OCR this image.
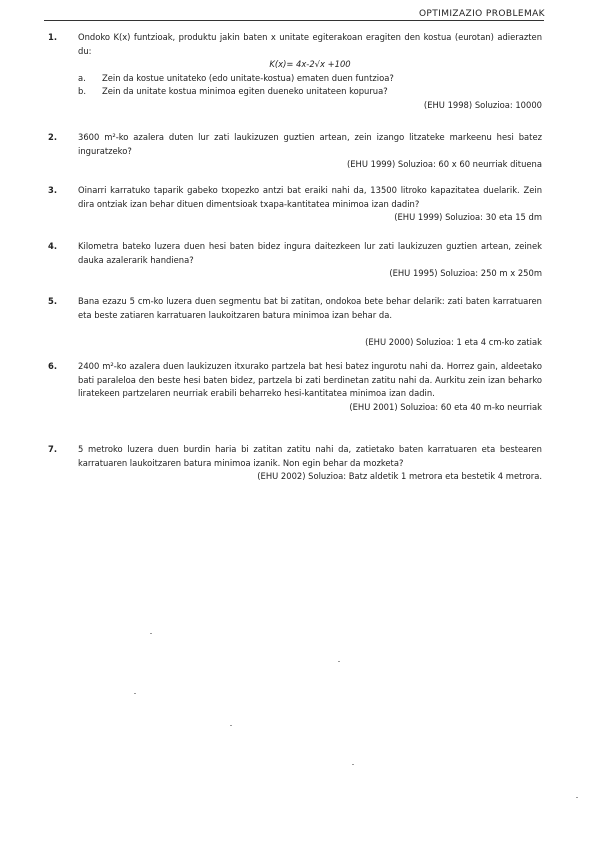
OPTIMIZAZIO PROBLEMAK
1. Ondoko K(x) funtzioak, produktu jakin baten x unitate egiterakoan eragiten den kostua (eurotan) adierazten du:

K(x)= 4x-2√x +100

a.	Zein da kostue unitateko (edo unitate-kostua) ematen duen funtzioa?
b.	Zein da unitate kostua minimoa egiten dueneko unitateen kopurua?

(EHU 1998) Soluzioa: 10000

2. 3600 m²-ko azalera duten lur zati laukizuzen guztien artean, zein izango litzateke markeenu hesi batez inguratzeko?

(EHU 1999) Soluzioa: 60 x 60 neurriak dituena

3. Oinarri karratuko taparik gabeko txopezko antzi bat eraiki nahi da, 13500 litroko kapazitatea duelarik. Zein dira ontziak izan behar dituen dimentsioak txapa-kantitatea minimoa izan dadin?

(EHU 1999) Soluzioa: 30 eta 15 dm

4. Kilometra bateko luzera duen hesi baten bidez ingura daitezkeen lur zati laukizuzen guztien artean, zeinek dauka azalerarik handiena?

(EHU 1995) Soluzioa: 250 m x 250m

5. Bana ezazu 5 cm-ko luzera duen segmentu bat bi zatitan, ondokoa bete behar delarik: zati baten karratuaren eta beste zatiaren karratuaren laukoitzaren batura minimoa izan behar da.

(EHU 2000) Soluzioa: 1 eta 4 cm-ko zatiak

6. 2400 m²-ko azalera duen laukizuzen itxurako partzela bat hesi batez ingurotu nahi da. Horrez gain, aldeetako bati paraleloa den beste hesi baten bidez, partzela bi zati berdinetan zatitu nahi da. Aurkitu zein izan beharko liratekeen partzelaren neurriak erabili beharreko hesi-kantitatea minimoa izan dadin.

(EHU 2001) Soluzioa: 60 eta 40 m-ko neurriak

7. 5 metroko luzera duen burdin haria bi zatitan zatitu nahi da, zatietako baten karratuaren eta bestearen karratuaren laukoitzaren batura minimoa izanik. Non egin behar da mozketa?

(EHU 2002) Soluzioa: Batz aldetik 1 metrora eta bestetik 4 metrora.
